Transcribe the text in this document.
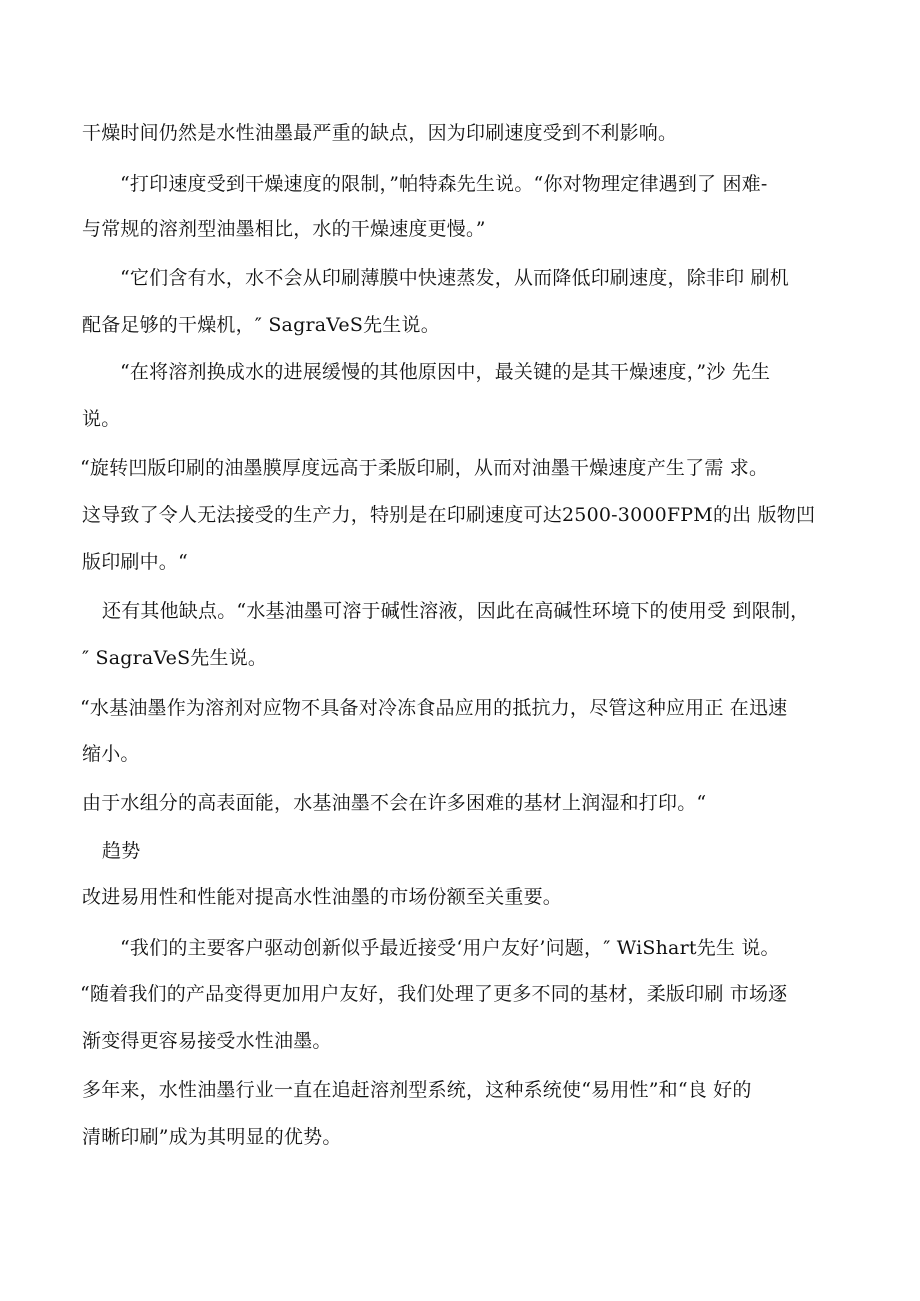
干燥时间仍然是水性油墨最严重的缺点，因为印刷速度受到不利影响。
“打印速度受到干燥速度的限制，”帕特森先生说。“你对物理定律遇到了 困难-
与常规的溶剂型油墨相比，水的干燥速度更慢。”
“它们含有水，水不会从印刷薄膜中快速蒸发，从而降低印刷速度，除非印 刷机
配备足够的干燥机，″ SagraVeS先生说。
“在将溶剂换成水的进展缓慢的其他原因中，最关键的是其干燥速度，”沙 先生
说。
“旋转凹版印刷的油墨膜厚度远高于柔版印刷，从而对油墨干燥速度产生了需 求。
这导致了令人无法接受的生产力，特别是在印刷速度可达2500-3000FPM的出 版物凹
版印刷中。“
还有其他缺点。“水基油墨可溶于碱性溶液，因此在高碱性环境下的使用受 到限制，
″ SagraVeS先生说。
“水基油墨作为溶剂对应物不具备对冷冻食品应用的抵抗力，尽管这种应用正 在迅速
缩小。
由于水组分的高表面能，水基油墨不会在许多困难的基材上润湿和打印。“
趋势
改进易用性和性能对提高水性油墨的市场份额至关重要。
“我们的主要客户驱动创新似乎最近接受‘用户友好’问题，″ WiShart先生 说。
“随着我们的产品变得更加用户友好，我们处理了更多不同的基材，柔版印刷 市场逐
渐变得更容易接受水性油墨。
多年来，水性油墨行业一直在追赶溶剂型系统，这种系统使“易用性”和“良 好的
清晰印刷”成为其明显的优势。
